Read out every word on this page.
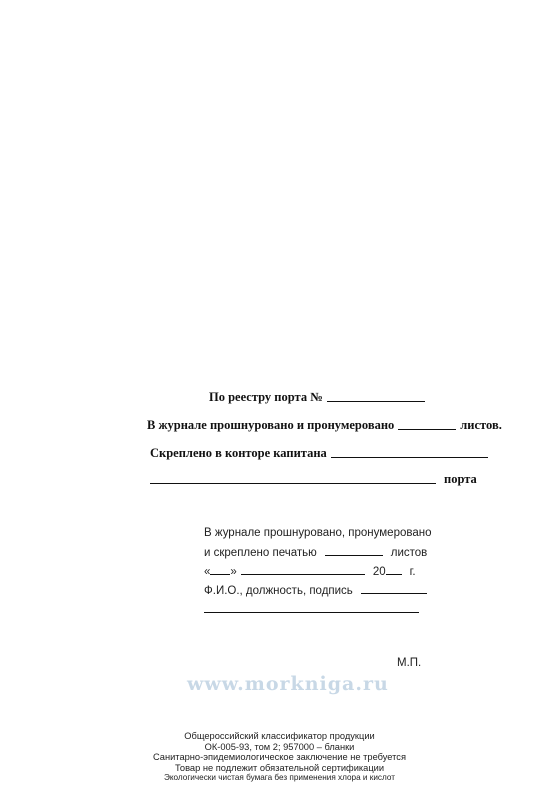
По реестру порта №
В журнале прошнуровано и пронумеровано	листов.
Скреплено в конторе капитана
порта
В журнале прошнуровано, пронумеровано
и скреплено печатью	листов
« »	20 г.
Ф.И.О., должность, подпись
М.П.
www.morkniga.ru
Общероссийский классификатор продукции
ОК-005-93, том 2; 957000 – бланки
Санитарно-эпидемиологическое заключение не требуется
Товар не подлежит обязательной сертификации
Экологически чистая бумага без применения хлора и кислот
